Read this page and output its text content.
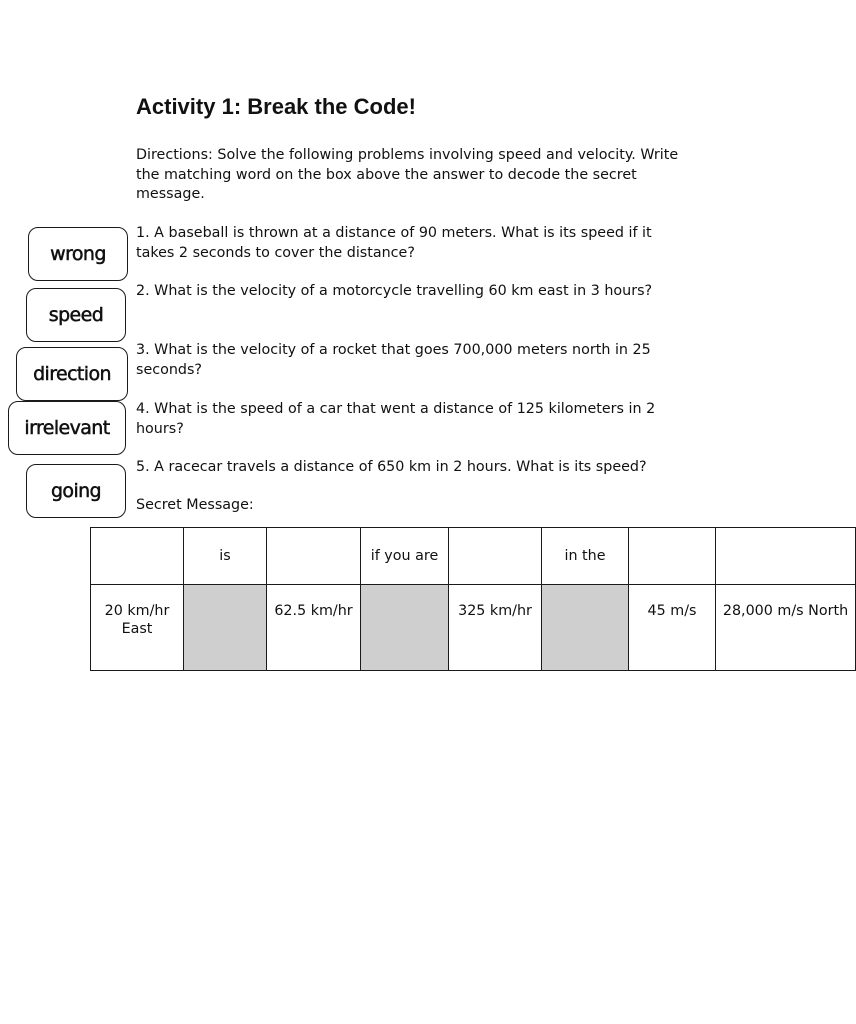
Activity 1: Break the Code!

Directions: Solve the following problems involving speed and velocity. Write the matching word on the box above the answer to decode the secret message.

1. A baseball is thrown at a distance of 90 meters. What is its speed if it takes 2 seconds to cover the distance?

2. What is the velocity of a motorcycle travelling 60 km east in 3 hours?

3. What is the velocity of a rocket that goes 700,000 meters north in 25 seconds?

4. What is the speed of a car that went a distance of 125 kilometers in 2 hours?

5. A racecar travels a distance of 650 km in 2 hours. What is its speed?

Secret Message:

wrong
speed
direction
irrelevant
going
	is		if you are		in the		
20 km/hr East		62.5 km/hr		325 km/hr		45 m/s	28,000 m/s North
